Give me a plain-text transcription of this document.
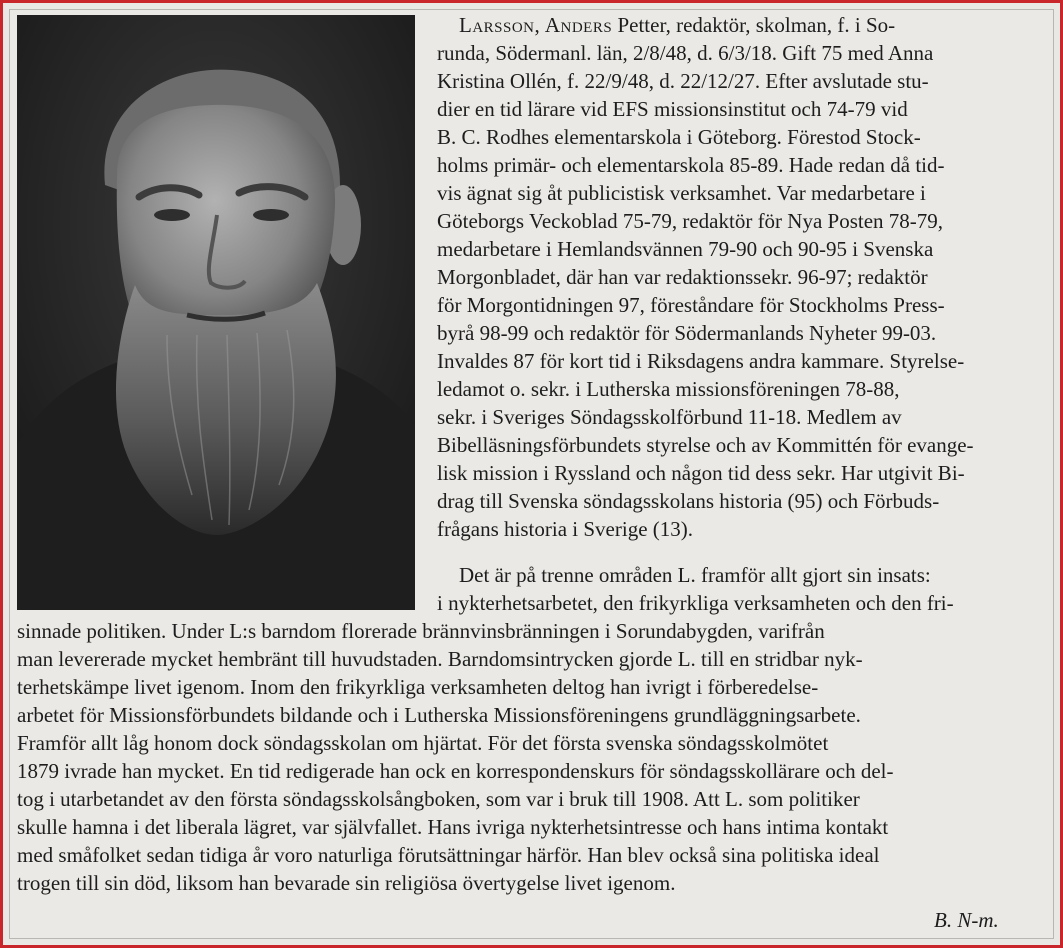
Larsson, Anders Petter, redaktör, skolman, f. i So-
runda, Södermanl. län, 2/8/48, d. 6/3/18. Gift 75 med Anna
Kristina Ollén, f. 22/9/48, d. 22/12/27. Efter avslutade stu-
dier en tid lärare vid EFS missionsinstitut och 74-79 vid
B. C. Rodhes elementarskola i Göteborg. Förestod Stock-
holms primär- och elementarskola 85-89. Hade redan då tid-
vis ägnat sig åt publicistisk verksamhet. Var medarbetare i
Göteborgs Veckoblad 75-79, redaktör för Nya Posten 78-79,
medarbetare i Hemlandsvännen 79-90 och 90-95 i Svenska
Morgonbladet, där han var redaktionssekr. 96-97; redaktör
för Morgontidningen 97, föreståndare för Stockholms Press-
byrå 98-99 och redaktör för Södermanlands Nyheter 99-03.
Invaldes 87 för kort tid i Riksdagens andra kammare. Styrelse-
ledamot o. sekr. i Lutherska missionsföreningen 78-88,
sekr. i Sveriges Söndagsskolförbund 11-18. Medlem av
Bibelläsningsförbundets styrelse och av Kommittén för evange-
lisk mission i Ryssland och någon tid dess sekr. Har utgivit Bi-
drag till Svenska söndagsskolans historia (95) och Förbuds-
frågans historia i Sverige (13).
Det är på trenne områden L. framför allt gjort sin insats:
i nykterhetsarbetet, den frikyrkliga verksamheten och den fri-
sinnade politiken. Under L:s barndom florerade brännvinsbränningen i Sorundabygden, varifrån
man levererade mycket hembränt till huvudstaden. Barndomsintrycken gjorde L. till en stridbar nyk-
terhetskämpe livet igenom. Inom den frikyrkliga verksamheten deltog han ivrigt i förberedelse-
arbetet för Missionsförbundets bildande och i Lutherska Missionsföreningens grundläggningsarbete.
Framför allt låg honom dock söndagsskolan om hjärtat. För det första svenska söndagsskolmötet
1879 ivrade han mycket. En tid redigerade han ock en korrespondenskurs för söndagsskollärare och del-
tog i utarbetandet av den första söndagsskolsångboken, som var i bruk till 1908. Att L. som politiker
skulle hamna i det liberala lägret, var självfallet. Hans ivriga nykterhetsintresse och hans intima kontakt
med småfolket sedan tidiga år voro naturliga förutsättningar härför. Han blev också sina politiska ideal
trogen till sin död, liksom han bevarade sin religiösa övertygelse livet igenom.
B. N-m.
